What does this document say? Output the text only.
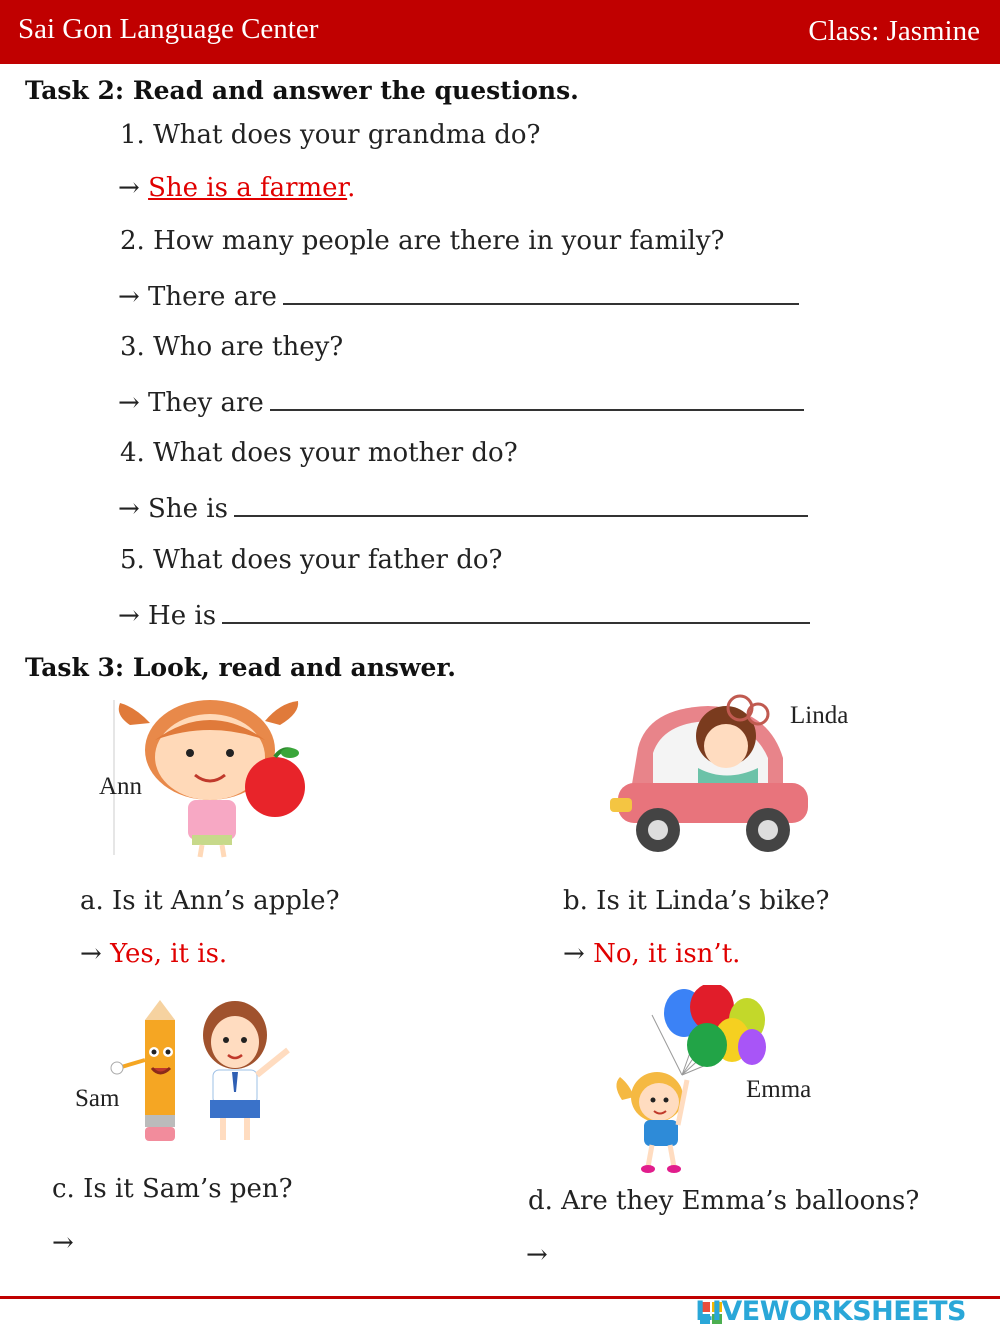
Sai Gon Language Center	Class: Jasmine
Task 2: Read and answer the questions.
1. What does your grandma do?
→ She is a farmer.
2. How many people are there in your family?
→ There are
3. Who are they?
→ They are
4. What does your mother do?
→ She is
5. What does your father do?
→ He is
Task 3: Look, read and answer.
Ann
Linda
a. Is it Ann’s apple?
→ Yes, it is.
b. Is it Linda’s bike?
→ No, it isn’t.
Sam	Emma
c. Is it Sam’s pen?
→
d. Are they Emma’s balloons?
→
LIVEWORKSHEETS
